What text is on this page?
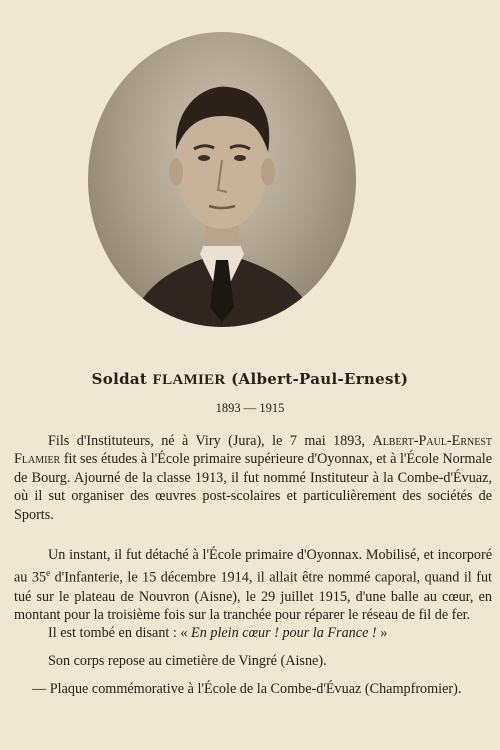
Soldat FLAMIER (Albert-Paul-Ernest)
1893 — 1915
Fils d'Instituteurs, né à Viry (Jura), le 7 mai 1893, Albert-Paul-Ernest Flamier fit ses études à l'École primaire supérieure d'Oyonnax, et à l'École Normale de Bourg. Ajourné de la classe 1913, il fut nommé Instituteur à la Combe-d'Évuaz, où il sut organiser des œuvres post-scolaires et particulièrement des sociétés de Sports.
Un instant, il fut détaché à l'École primaire d'Oyonnax. Mobilisé, et incorporé au 35e d'Infanterie, le 15 décembre 1914, il allait être nommé caporal, quand il fut tué sur le plateau de Nouvron (Aisne), le 29 juillet 1915, d'une balle au cœur, en montant pour la troisième fois sur la tranchée pour réparer le réseau de fil de fer.
Il est tombé en disant : « En plein cœur ! pour la France ! »
Son corps repose au cimetière de Vingré (Aisne).
— Plaque commémorative à l'École de la Combe-d'Évuaz (Champfromier).
